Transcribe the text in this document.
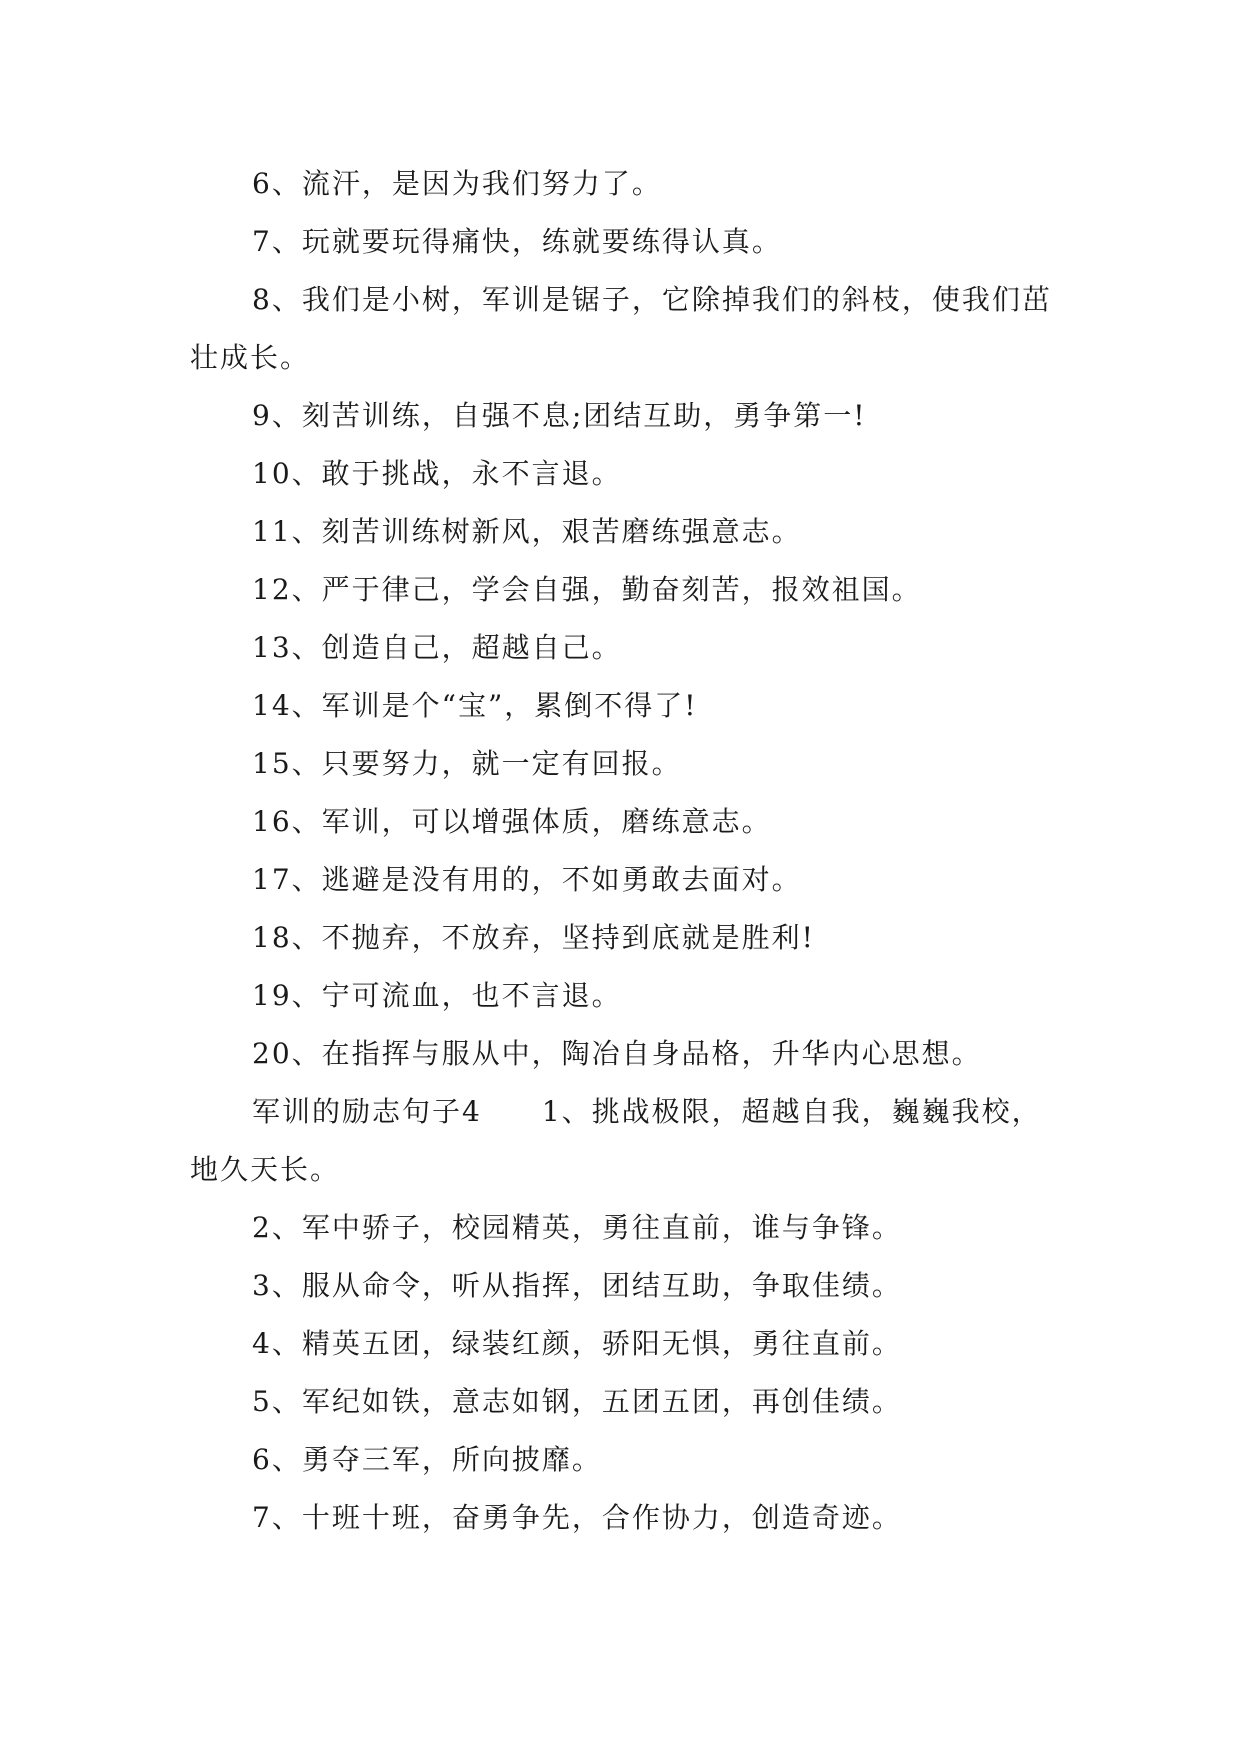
6、流汗，是因为我们努力了。

7、玩就要玩得痛快，练就要练得认真。

8、我们是小树，军训是锯子，它除掉我们的斜枝，使我们茁壮成长。

9、刻苦训练，自强不息;团结互助，勇争第一!

10、敢于挑战，永不言退。

11、刻苦训练树新风，艰苦磨练强意志。

12、严于律己，学会自强，勤奋刻苦，报效祖国。

13、创造自己，超越自己。

14、军训是个“宝”，累倒不得了!

15、只要努力，就一定有回报。

16、军训，可以增强体质，磨练意志。

17、逃避是没有用的，不如勇敢去面对。

18、不抛弃，不放弃，坚持到底就是胜利!

19、宁可流血，也不言退。

20、在指挥与服从中，陶冶自身品格，升华内心思想。

军训的励志句子4 1、挑战极限，超越自我，巍巍我校，地久天长。

2、军中骄子，校园精英，勇往直前，谁与争锋。

3、服从命令，听从指挥，团结互助，争取佳绩。

4、精英五团，绿装红颜，骄阳无惧，勇往直前。

5、军纪如铁，意志如钢，五团五团，再创佳绩。

6、勇夺三军，所向披靡。

7、十班十班，奋勇争先，合作协力，创造奇迹。
